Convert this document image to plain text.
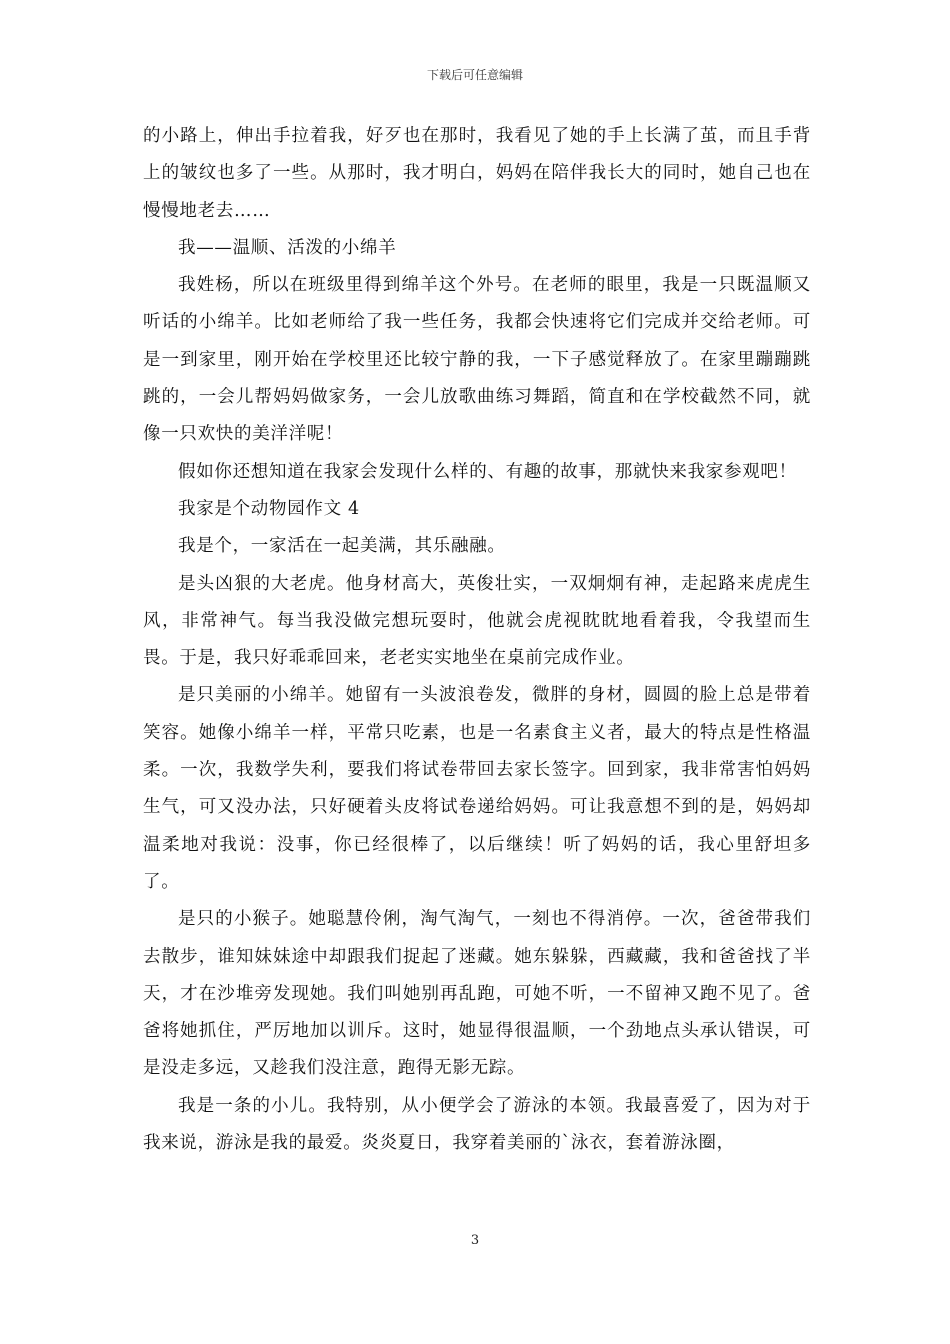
下载后可任意编辑

的小路上，伸出手拉着我，好歹也在那时，我看见了她的手上长满了茧，而且手背上的皱纹也多了一些。从那时，我才明白，妈妈在陪伴我长大的同时，她自己也在慢慢地老去……

我——温顺、活泼的小绵羊

我姓杨，所以在班级里得到绵羊这个外号。在老师的眼里，我是一只既温顺又听话的小绵羊。比如老师给了我一些任务，我都会快速将它们完成并交给老师。可是一到家里，刚开始在学校里还比较宁静的我，一下子感觉释放了。在家里蹦蹦跳跳的，一会儿帮妈妈做家务，一会儿放歌曲练习舞蹈，简直和在学校截然不同，就像一只欢快的美洋洋呢！

假如你还想知道在我家会发现什么样的、有趣的故事，那就快来我家参观吧！

我家是个动物园作文 4

我是个，一家活在一起美满，其乐融融。

是头凶狠的大老虎。他身材高大，英俊壮实，一双炯炯有神，走起路来虎虎生风，非常神气。每当我没做完想玩耍时，他就会虎视眈眈地看着我，令我望而生畏。于是，我只好乖乖回来，老老实实地坐在桌前完成作业。

是只美丽的小绵羊。她留有一头波浪卷发，微胖的身材，圆圆的脸上总是带着笑容。她像小绵羊一样，平常只吃素，也是一名素食主义者，最大的特点是性格温柔。一次，我数学失利，要我们将试卷带回去家长签字。回到家，我非常害怕妈妈生气，可又没办法，只好硬着头皮将试卷递给妈妈。可让我意想不到的是，妈妈却温柔地对我说：没事，你已经很棒了，以后继续！听了妈妈的话，我心里舒坦多了。

是只的小猴子。她聪慧伶俐，淘气淘气，一刻也不得消停。一次，爸爸带我们去散步，谁知妹妹途中却跟我们捉起了迷藏。她东躲躲，西藏藏，我和爸爸找了半天，才在沙堆旁发现她。我们叫她别再乱跑，可她不听，一不留神又跑不见了。爸爸将她抓住，严厉地加以训斥。这时，她显得很温顺，一个劲地点头承认错误，可是没走多远，又趁我们没注意，跑得无影无踪。

我是一条的小儿。我特别，从小便学会了游泳的本领。我最喜爱了，因为对于我来说，游泳是我的最爱。炎炎夏日，我穿着美丽的`泳衣，套着游泳圈，

3
